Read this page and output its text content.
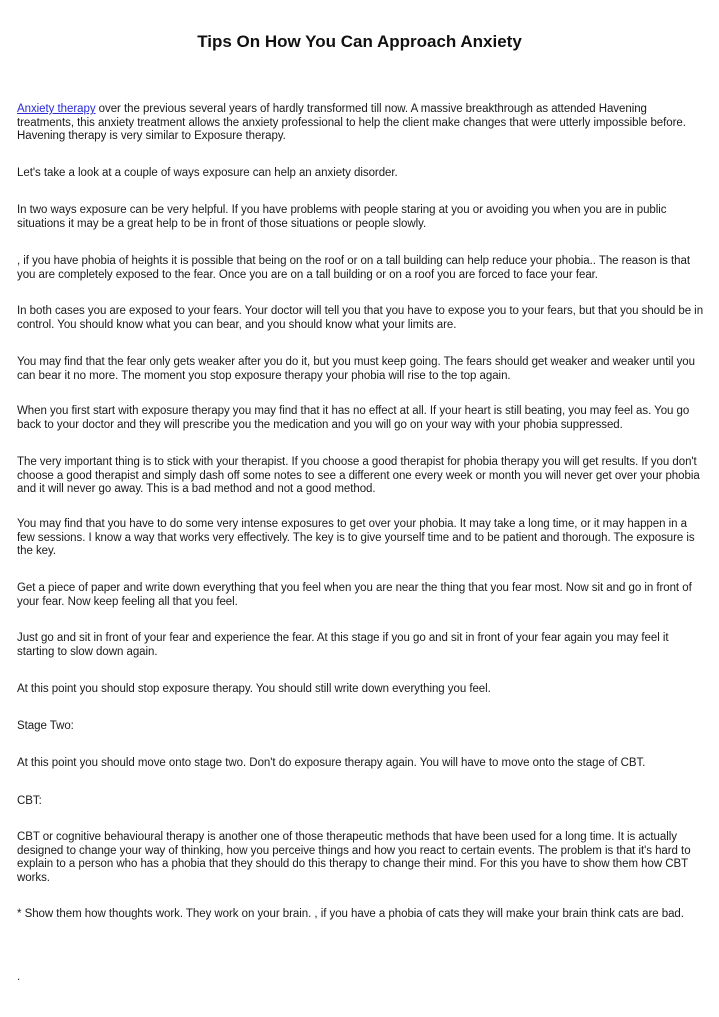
Tips On How You Can Approach Anxiety

Anxiety therapy over the previous several years of hardly transformed till now. A massive breakthrough as attended Havening treatments, this anxiety treatment allows the anxiety professional to help the client make changes that were utterly impossible before. Havening therapy is very similar to Exposure therapy.

Let's take a look at a couple of ways exposure can help an anxiety disorder.

In two ways exposure can be very helpful. If you have problems with people staring at you or avoiding you when you are in public situations it may be a great help to be in front of those situations or people slowly.

, if you have phobia of heights it is possible that being on the roof or on a tall building can help reduce your phobia.. The reason is that you are completely exposed to the fear. Once you are on a tall building or on a roof you are forced to face your fear.

In both cases you are exposed to your fears. Your doctor will tell you that you have to expose you to your fears, but that you should be in control. You should know what you can bear, and you should know what your limits are.

You may find that the fear only gets weaker after you do it, but you must keep going. The fears should get weaker and weaker until you can bear it no more. The moment you stop exposure therapy your phobia will rise to the top again.

When you first start with exposure therapy you may find that it has no effect at all. If your heart is still beating, you may feel as. You go back to your doctor and they will prescribe you the medication and you will go on your way with your phobia suppressed.

The very important thing is to stick with your therapist. If you choose a good therapist for phobia therapy you will get results. If you don't choose a good therapist and simply dash off some notes to see a different one every week or month you will never get over your phobia and it will never go away. This is a bad method and not a good method.

You may find that you have to do some very intense exposures to get over your phobia. It may take a long time, or it may happen in a few sessions. I know a way that works very effectively. The key is to give yourself time and to be patient and thorough. The exposure is the key.

Get a piece of paper and write down everything that you feel when you are near the thing that you fear most. Now sit and go in front of your fear. Now keep feeling all that you feel.

Just go and sit in front of your fear and experience the fear. At this stage if you go and sit in front of your fear again you may feel it starting to slow down again.

At this point you should stop exposure therapy. You should still write down everything you feel.

Stage Two:

At this point you should move onto stage two. Don't do exposure therapy again. You will have to move onto the stage of CBT.

CBT:

CBT or cognitive behavioural therapy is another one of those therapeutic methods that have been used for a long time. It is actually designed to change your way of thinking, how you perceive things and how you react to certain events. The problem is that it's hard to explain to a person who has a phobia that they should do this therapy to change their mind. For this you have to show them how CBT works.

* Show them how thoughts work. They work on your brain. , if you have a phobia of cats they will make your brain think cats are bad.

.
